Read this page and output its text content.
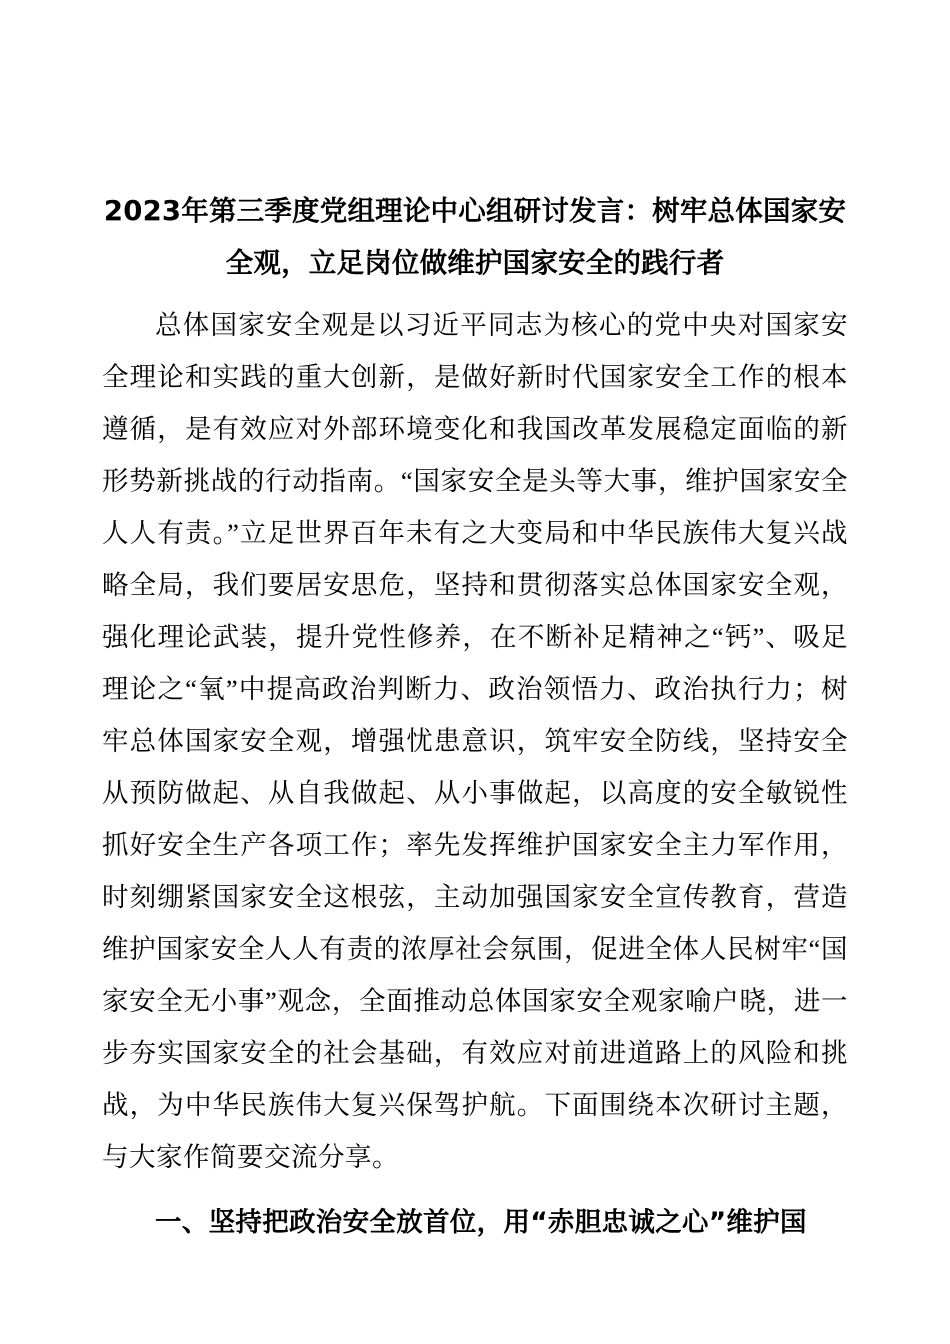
2023年第三季度党组理论中心组研讨发言：树牢总体国家安全观，立足岗位做维护国家安全的践行者

总体国家安全观是以习近平同志为核心的党中央对国家安全理论和实践的重大创新，是做好新时代国家安全工作的根本遵循，是有效应对外部环境变化和我国改革发展稳定面临的新形势新挑战的行动指南。“国家安全是头等大事，维护国家安全人人有责。”立足世界百年未有之大变局和中华民族伟大复兴战略全局，我们要居安思危，坚持和贯彻落实总体国家安全观，强化理论武装，提升党性修养，在不断补足精神之“钙”、吸足理论之“氧”中提高政治判断力、政治领悟力、政治执行力；树牢总体国家安全观，增强忧患意识，筑牢安全防线，坚持安全从预防做起、从自我做起、从小事做起，以高度的安全敏锐性抓好安全生产各项工作；率先发挥维护国家安全主力军作用，时刻绷紧国家安全这根弦，主动加强国家安全宣传教育，营造维护国家安全人人有责的浓厚社会氛围，促进全体人民树牢“国家安全无小事”观念，全面推动总体国家安全观家喻户晓，进一步夯实国家安全的社会基础，有效应对前进道路上的风险和挑战，为中华民族伟大复兴保驾护航。下面围绕本次研讨主题，与大家作简要交流分享。

一、坚持把政治安全放首位，用“赤胆忠诚之心”维护国
